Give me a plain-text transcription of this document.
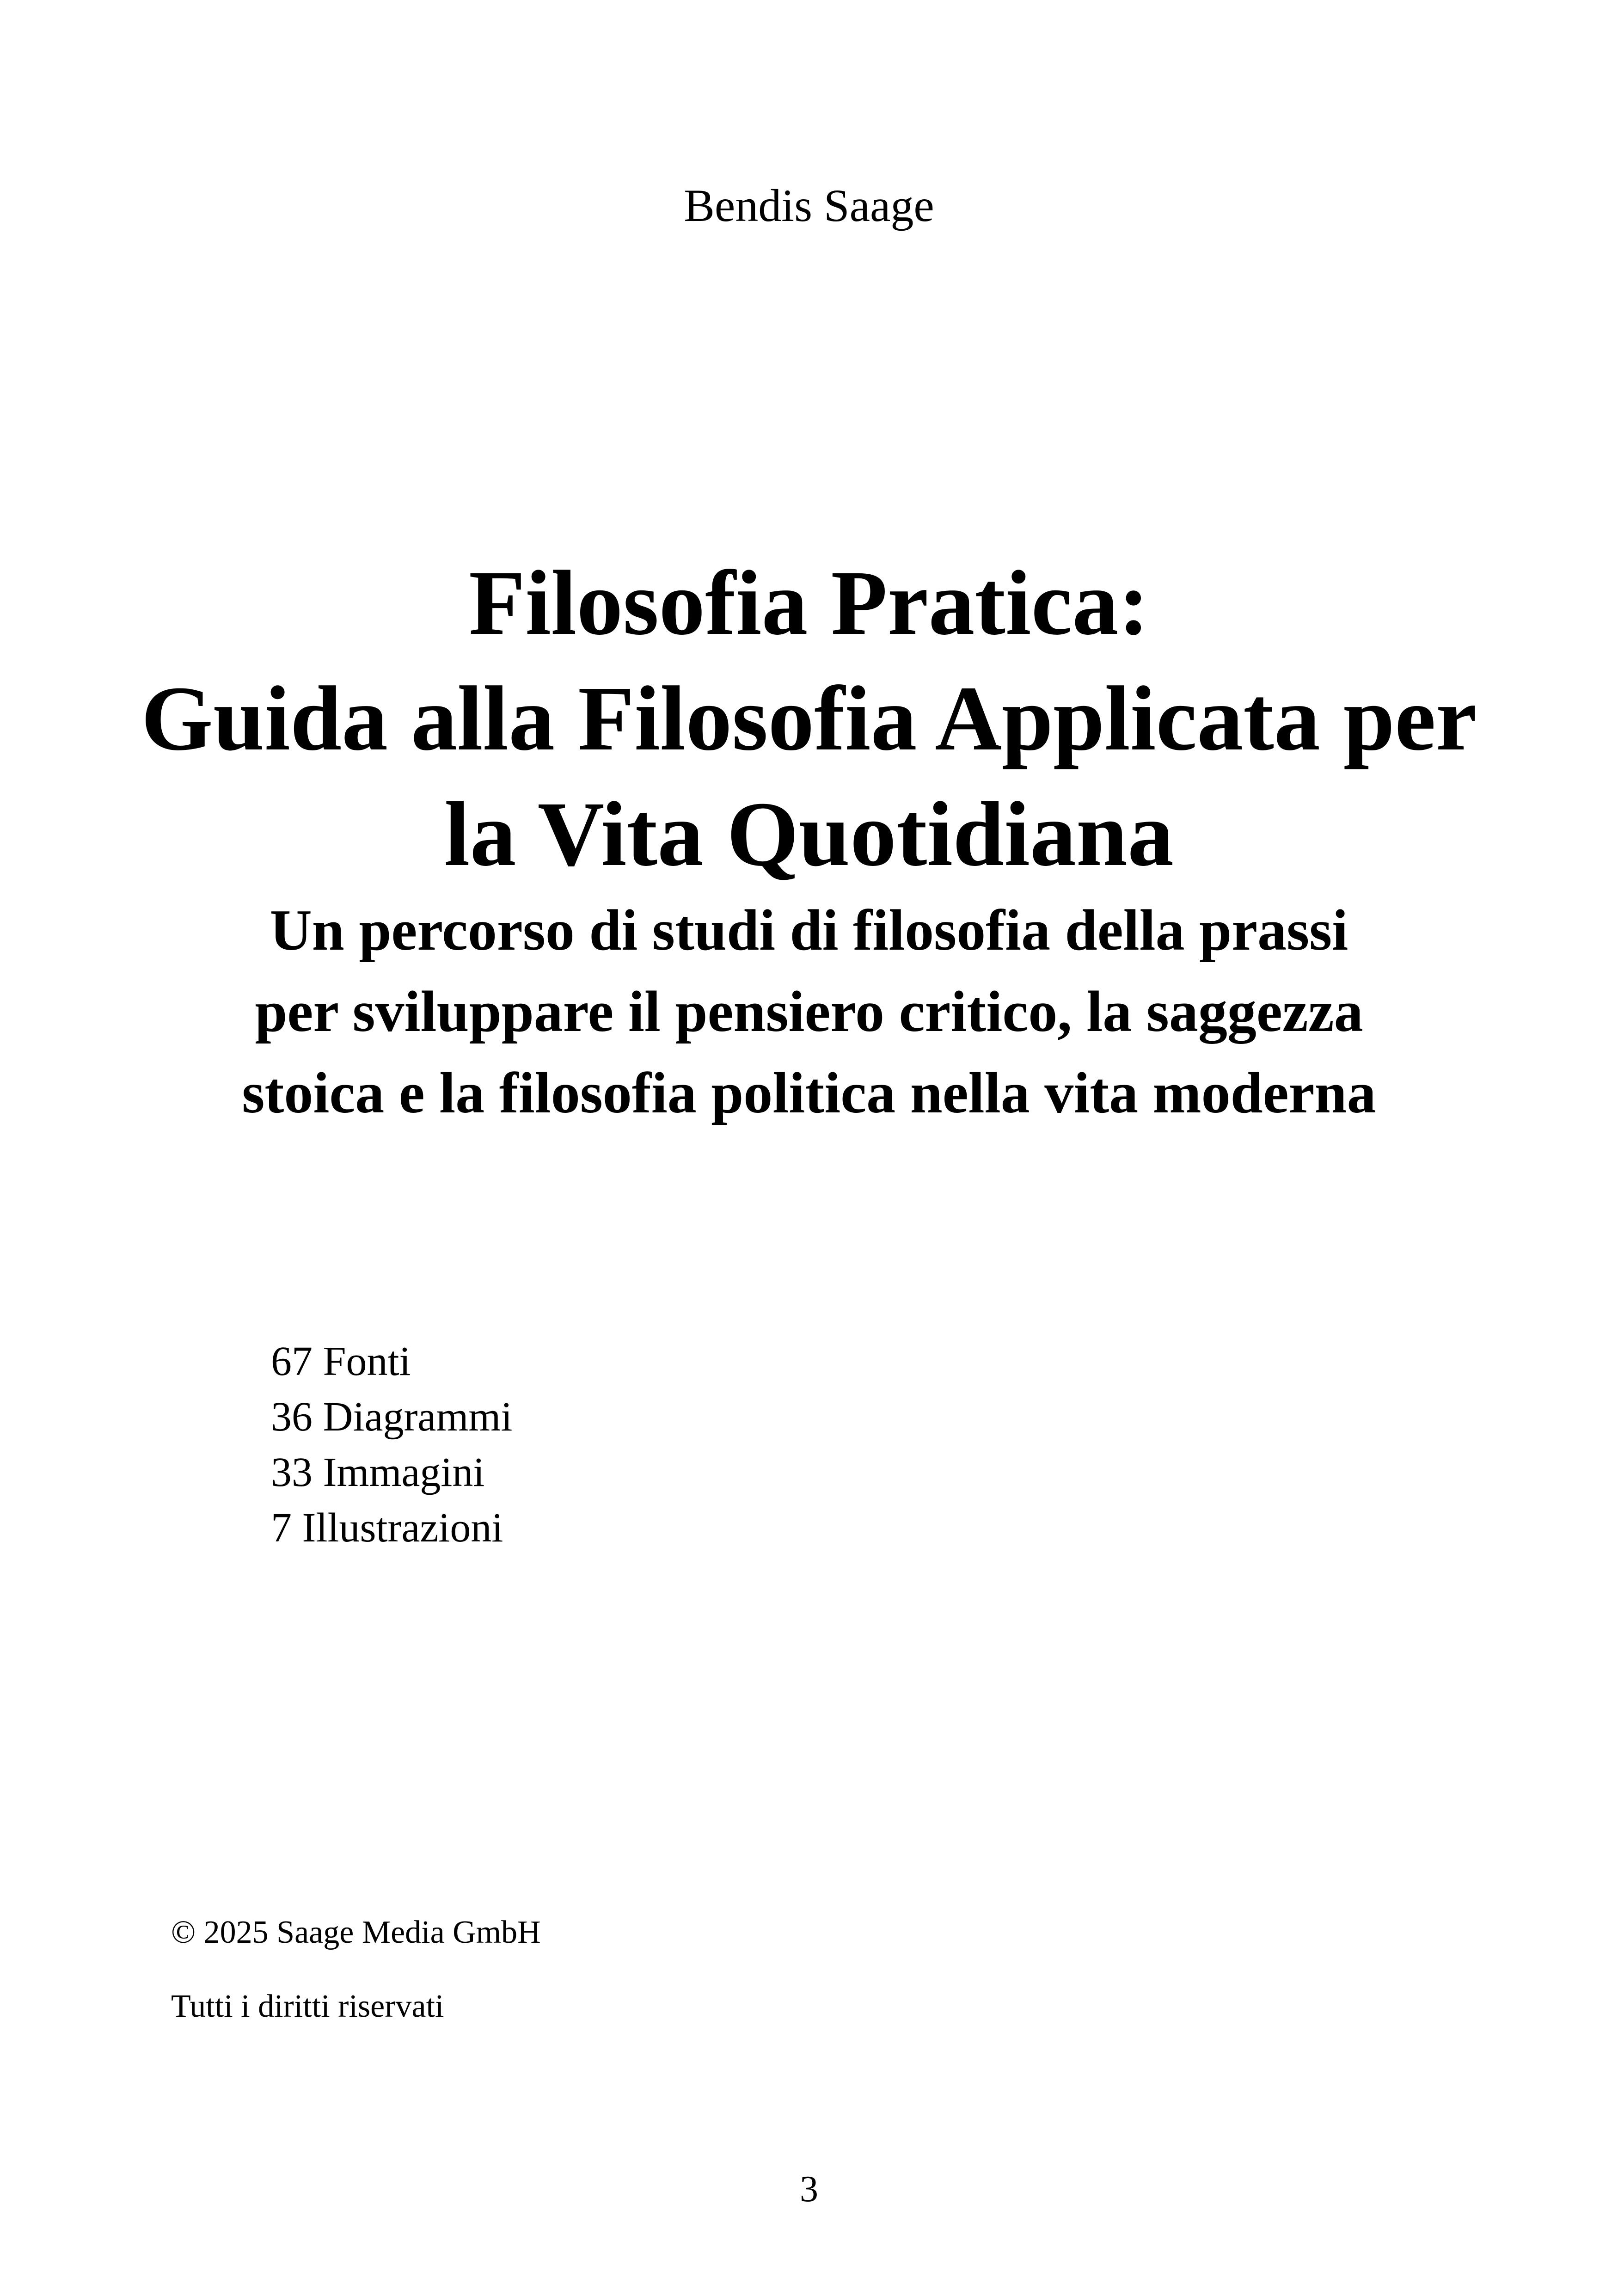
Bendis Saage
Filosofia Pratica:
Guida alla Filosofia Applicata per
la Vita Quotidiana
Un percorso di studi di filosofia della prassi
per sviluppare il pensiero critico, la saggezza
stoica e la filosofia politica nella vita moderna
67 Fonti
36 Diagrammi
33 Immagini
7 Illustrazioni
© 2025 Saage Media GmbH
Tutti i diritti riservati
3
